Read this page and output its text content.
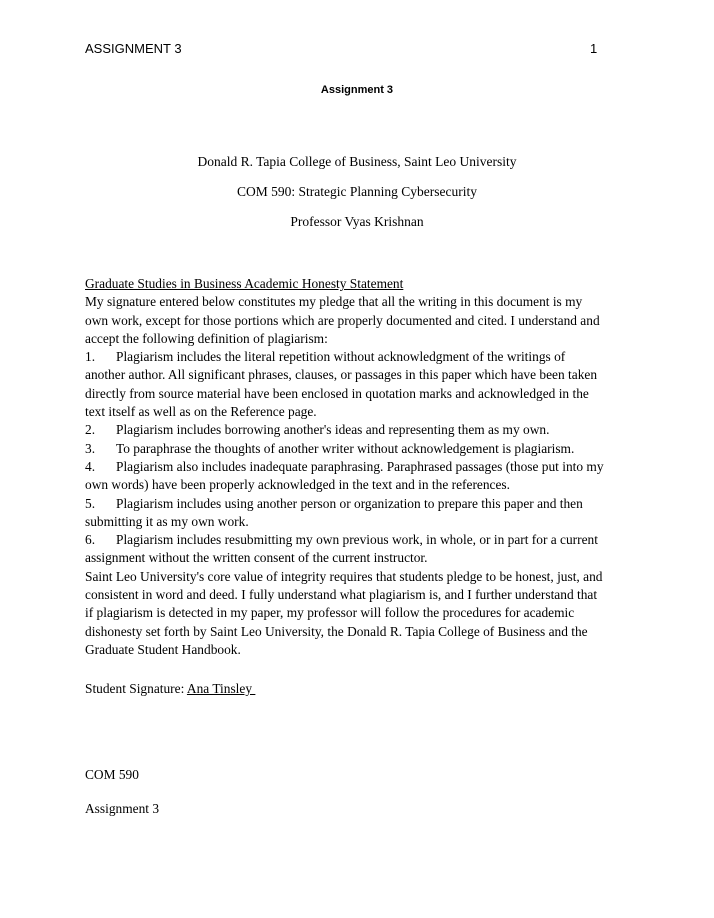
ASSIGNMENT 3	1
Assignment 3
Donald R. Tapia College of Business, Saint Leo University
COM 590: Strategic Planning Cybersecurity
Professor Vyas Krishnan
Graduate Studies in Business Academic Honesty Statement
My signature entered below constitutes my pledge that all the writing in this document is my
own work, except for those portions which are properly documented and cited. I understand and
accept the following definition of plagiarism:
1. Plagiarism includes the literal repetition without acknowledgment of the writings of
another author. All significant phrases, clauses, or passages in this paper which have been taken
directly from source material have been enclosed in quotation marks and acknowledged in the
text itself as well as on the Reference page.
2. Plagiarism includes borrowing another's ideas and representing them as my own.
3. To paraphrase the thoughts of another writer without acknowledgement is plagiarism.
4. Plagiarism also includes inadequate paraphrasing. Paraphrased passages (those put into my
own words) have been properly acknowledged in the text and in the references.
5. Plagiarism includes using another person or organization to prepare this paper and then
submitting it as my own work.
6. Plagiarism includes resubmitting my own previous work, in whole, or in part for a current
assignment without the written consent of the current instructor.
Saint Leo University's core value of integrity requires that students pledge to be honest, just, and
consistent in word and deed. I fully understand what plagiarism is, and I further understand that
if plagiarism is detected in my paper, my professor will follow the procedures for academic
dishonesty set forth by Saint Leo University, the Donald R. Tapia College of Business and the
Graduate Student Handbook.
Student Signature: Ana Tinsley
COM 590
Assignment 3
